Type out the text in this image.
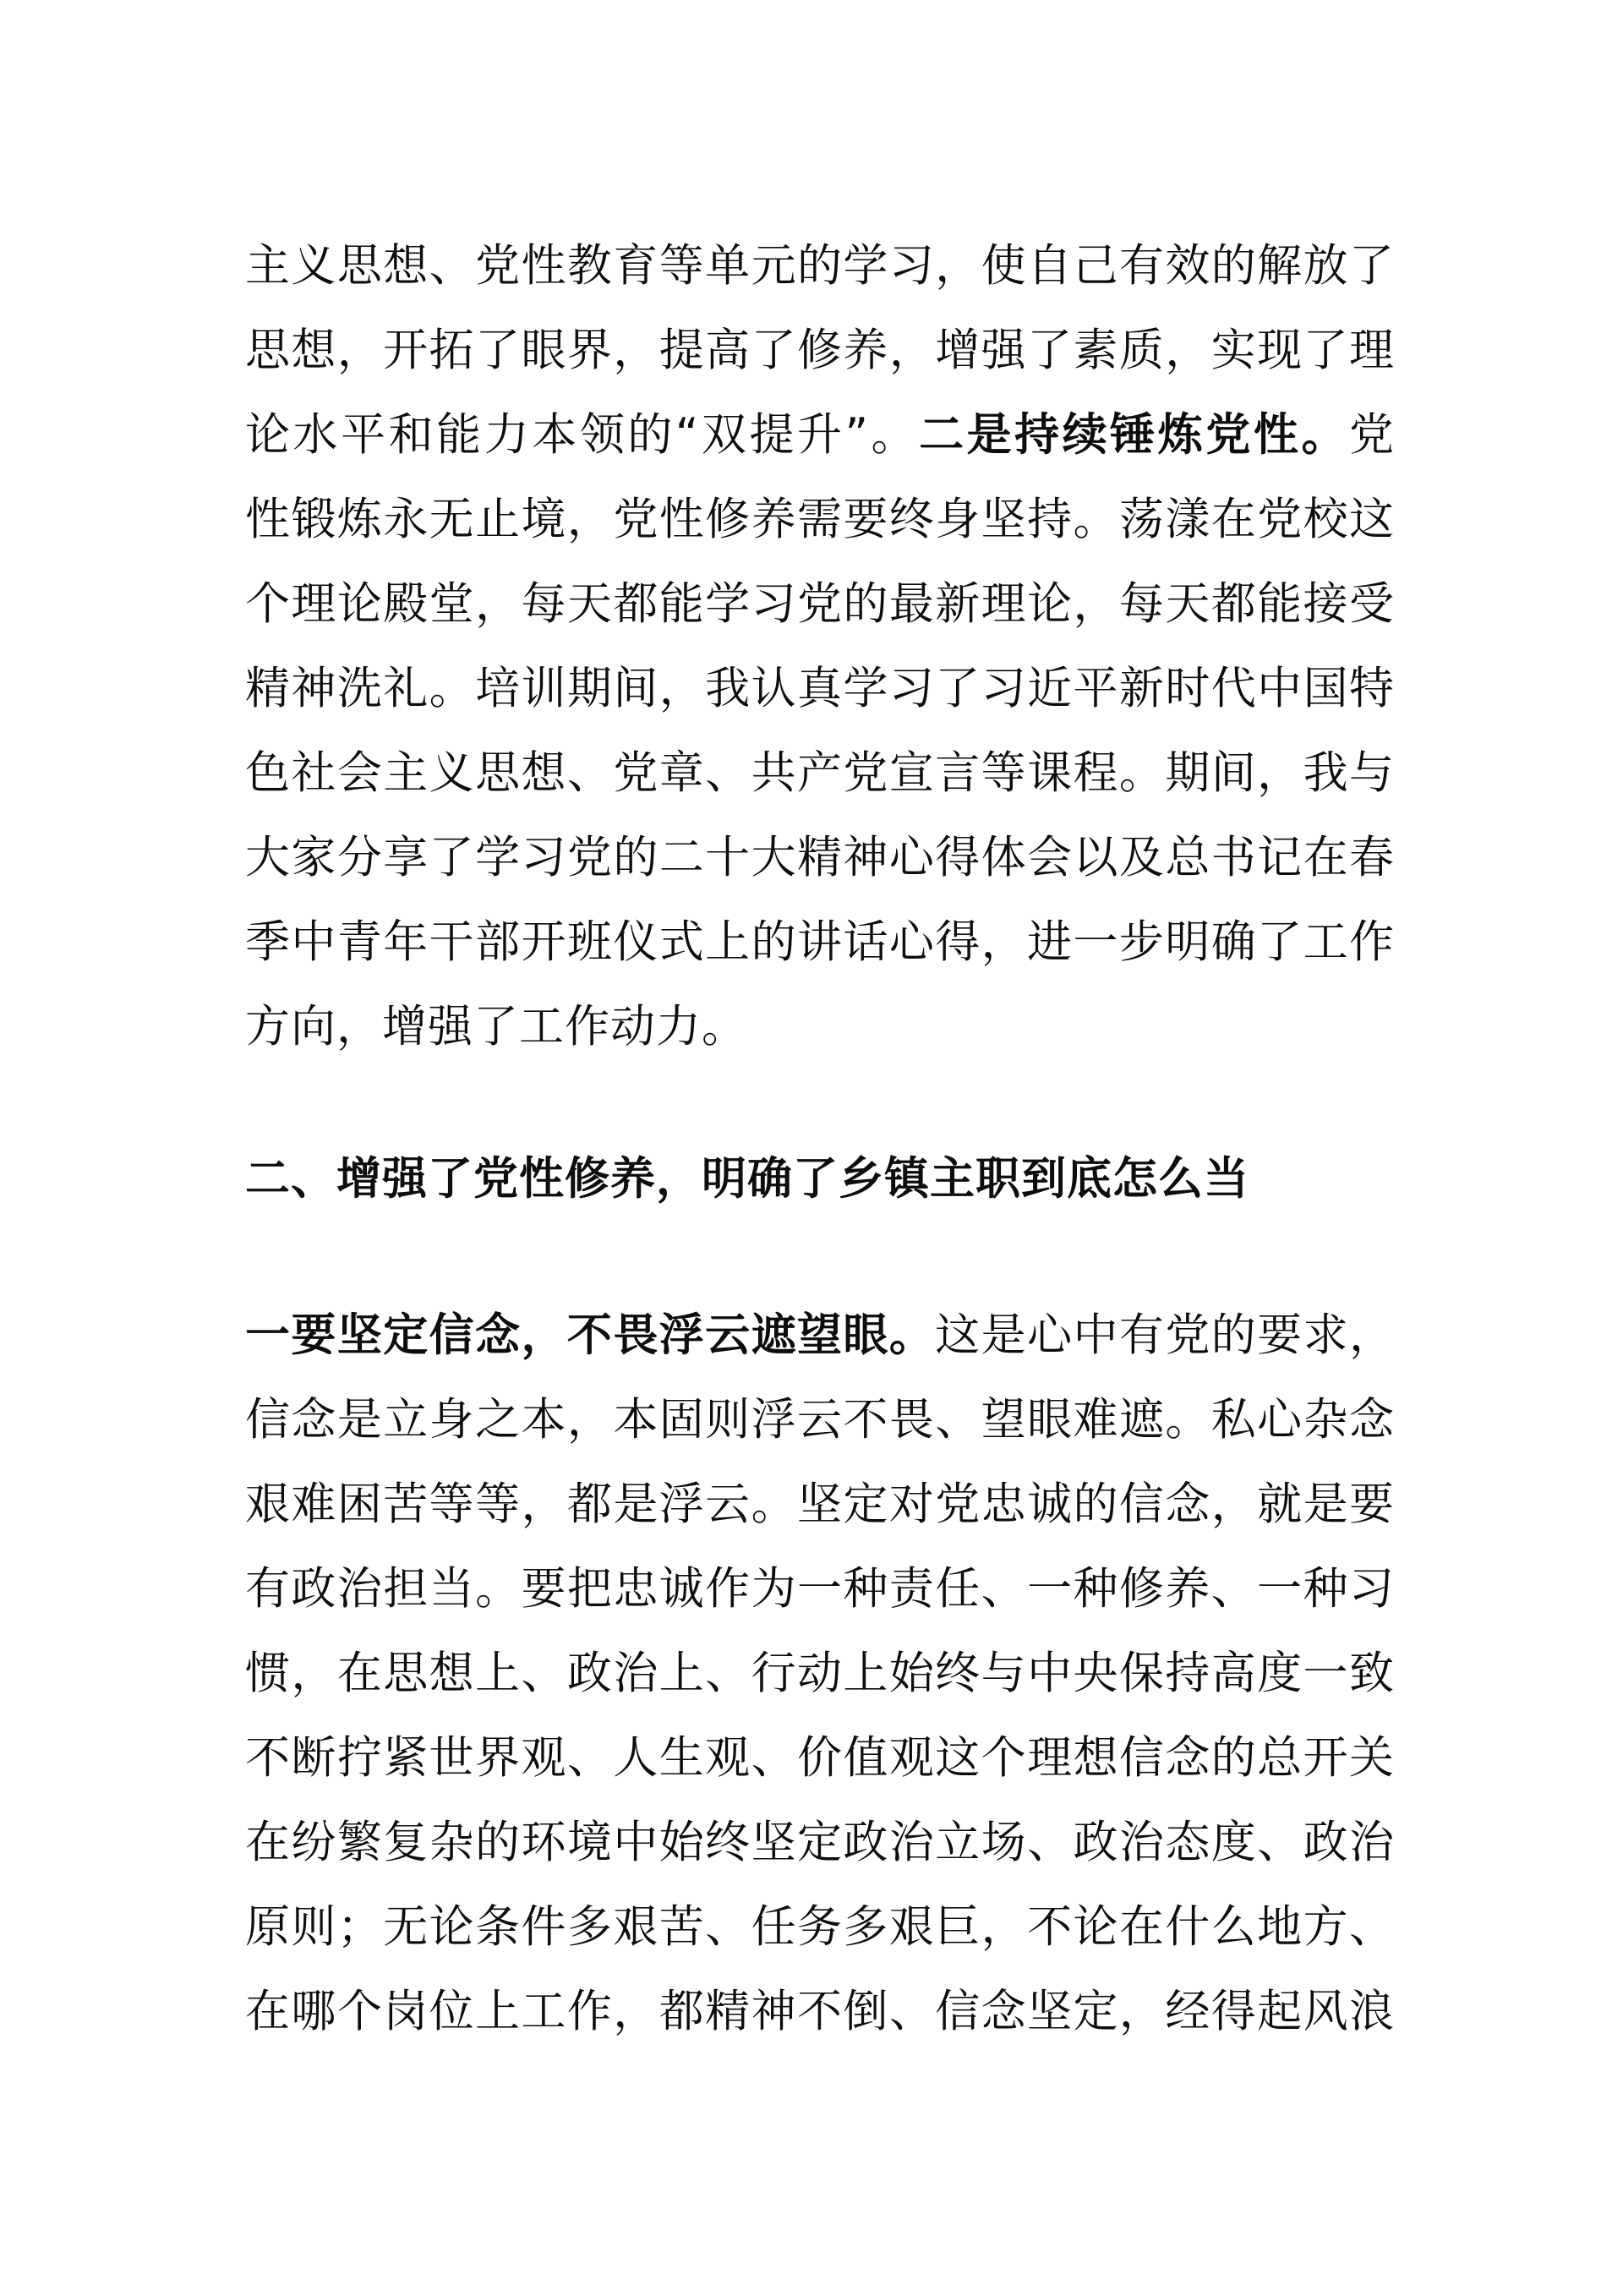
主义思想、党性教育等单元的学习，使自己有效的解放了
思想，开拓了眼界，提高了修养，增强了素质，实现了理
论水平和能力本领的“双提升”。二是持续锤炼党性。党
性锻炼永无止境，党性修养需要终身坚持。荡漾在党校这
个理论殿堂，每天都能学习党的最新理论，每天都能接受
精神洗礼。培训期间，我认真学习了习近平新时代中国特
色社会主义思想、党章、共产党宣言等课程。期间，我与
大家分享了学习党的二十大精神心得体会以及总书记在春
季中青年干部开班仪式上的讲话心得，进一步明确了工作
方向，增强了工作动力。
二、增强了党性修养，明确了乡镇主职到底怎么当
一要坚定信念，不畏浮云遮望眼。这是心中有党的要求，
信念是立身之本，本固则浮云不畏、望眼难遮。私心杂念
艰难困苦等等，都是浮云。坚定对党忠诚的信念，就是要
有政治担当。要把忠诚作为一种责任、一种修养、一种习
惯，在思想上、政治上、行动上始终与中央保持高度一致
不断拧紧世界观、人生观、价值观这个理想信念的总开关
在纷繁复杂的环境中始终坚定政治立场、政治态度、政治
原则；无论条件多艰苦、任务多艰巨，不论在什么地方、
在哪个岗位上工作，都精神不倒、信念坚定，经得起风浪
